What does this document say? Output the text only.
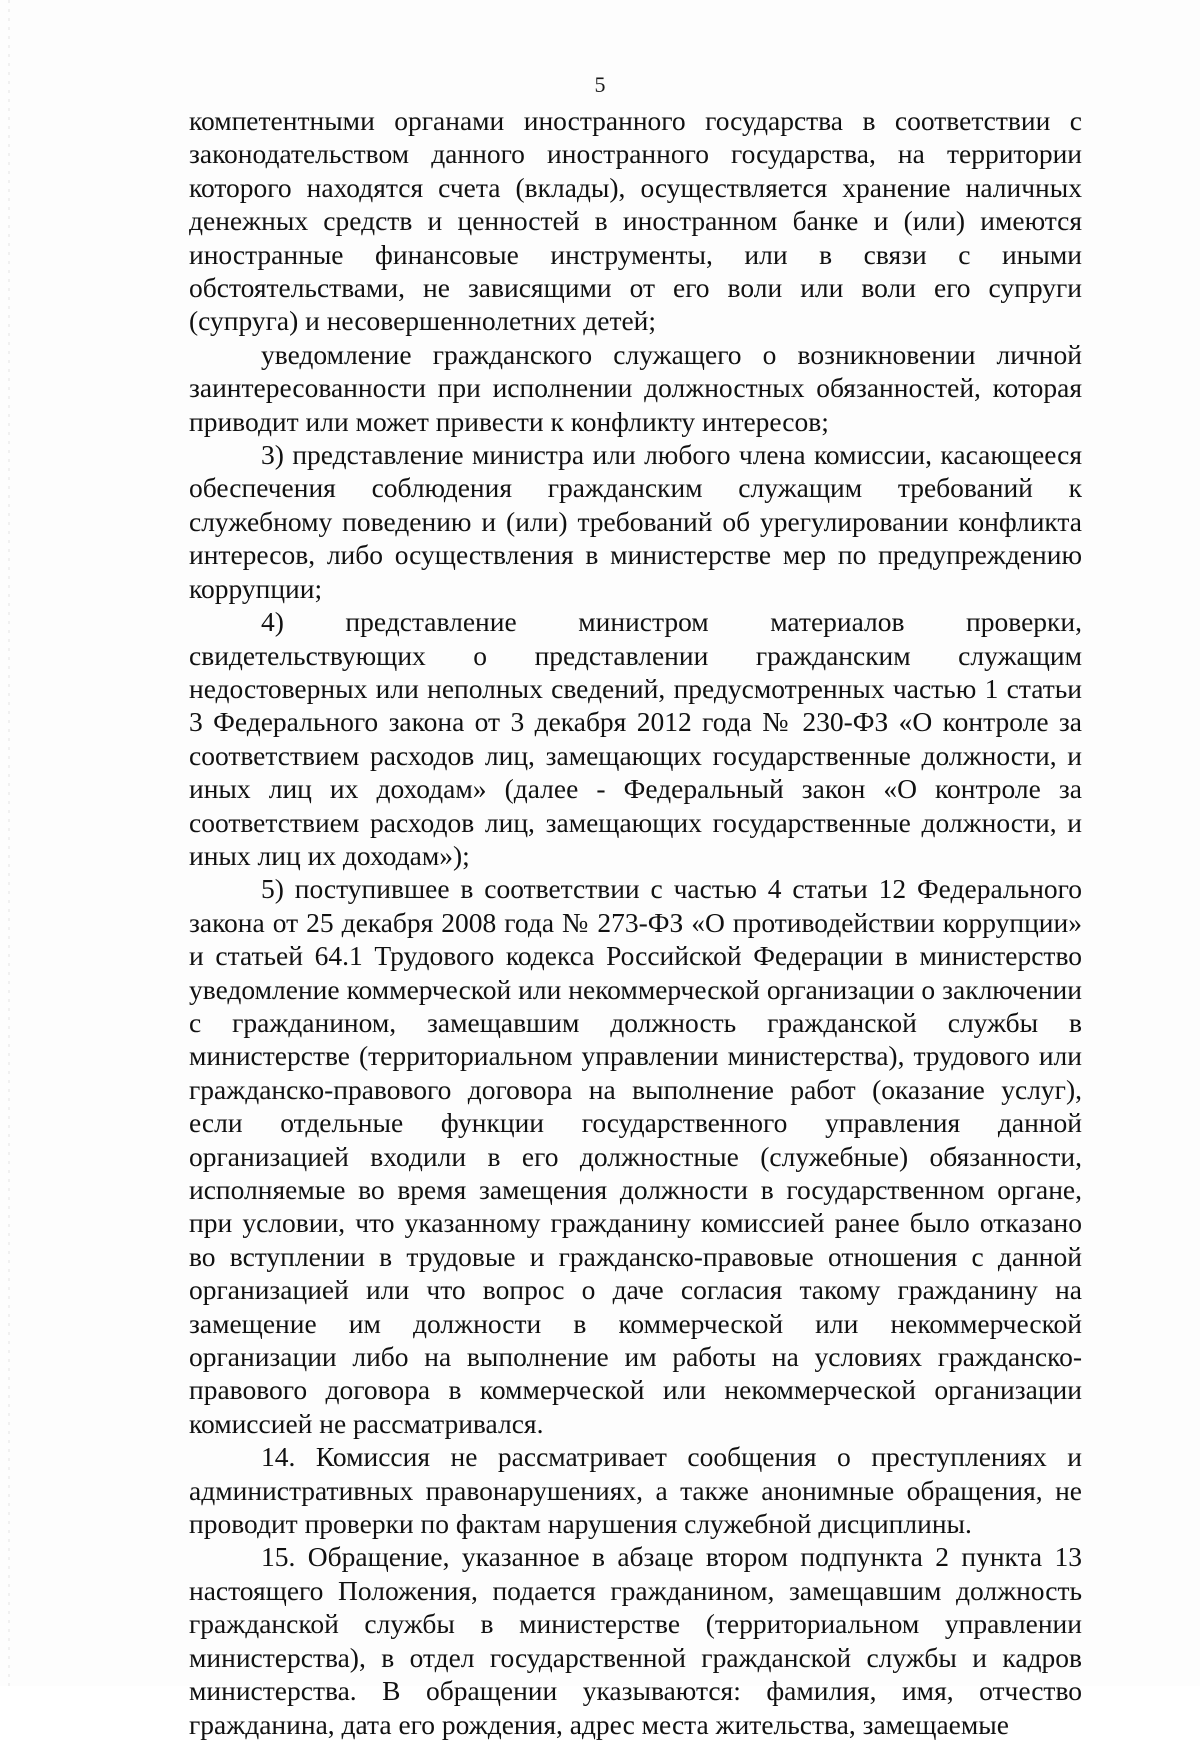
5

компетентными органами иностранного государства в соответствии с законодательством данного иностранного государства, на территории которого находятся счета (вклады), осуществляется хранение наличных денежных средств и ценностей в иностранном банке и (или) имеются иностранные финансовые инструменты, или в связи с иными обстоятельствами, не зависящими от его воли или воли его супруги (супруга) и несовершеннолетних детей;

уведомление гражданского служащего о возникновении личной заинтересованности при исполнении должностных обязанностей, которая приводит или может привести к конфликту интересов;

3) представление министра или любого члена комиссии, касающееся обеспечения соблюдения гражданским служащим требований к служебному поведению и (или) требований об урегулировании конфликта интересов, либо осуществления в министерстве мер по предупреждению коррупции;

4) представление министром материалов проверки, свидетельствующих о представлении гражданским служащим недостоверных или неполных сведений, предусмотренных частью 1 статьи 3 Федерального закона от 3 декабря 2012 года № 230-ФЗ «О контроле за соответствием расходов лиц, замещающих государственные должности, и иных лиц их доходам» (далее - Федеральный закон «О контроле за соответствием расходов лиц, замещающих государственные должности, и иных лиц их доходам»);

5) поступившее в соответствии с частью 4 статьи 12 Федерального закона от 25 декабря 2008 года № 273-ФЗ «О противодействии коррупции» и статьей 64.1 Трудового кодекса Российской Федерации в министерство уведомление коммерческой или некоммерческой организации о заключении с гражданином, замещавшим должность гражданской службы в министерстве (территориальном управлении министерства), трудового или гражданско-правового договора на выполнение работ (оказание услуг), если отдельные функции государственного управления данной организацией входили в его должностные (служебные) обязанности, исполняемые во время замещения должности в государственном органе, при условии, что указанному гражданину комиссией ранее было отказано во вступлении в трудовые и гражданско-правовые отношения с данной организацией или что вопрос о даче согласия такому гражданину на замещение им должности в коммерческой или некоммерческой организации либо на выполнение им работы на условиях гражданско-правового договора в коммерческой или некоммерческой организации комиссией не рассматривался.

14. Комиссия не рассматривает сообщения о преступлениях и административных правонарушениях, а также анонимные обращения, не проводит проверки по фактам нарушения служебной дисциплины.

15. Обращение, указанное в абзаце втором подпункта 2 пункта 13 настоящего Положения, подается гражданином, замещавшим должность гражданской службы в министерстве (территориальном управлении министерства), в отдел государственной гражданской службы и кадров министерства. В обращении указываются: фамилия, имя, отчество гражданина, дата его рождения, адрес места жительства, замещаемые
